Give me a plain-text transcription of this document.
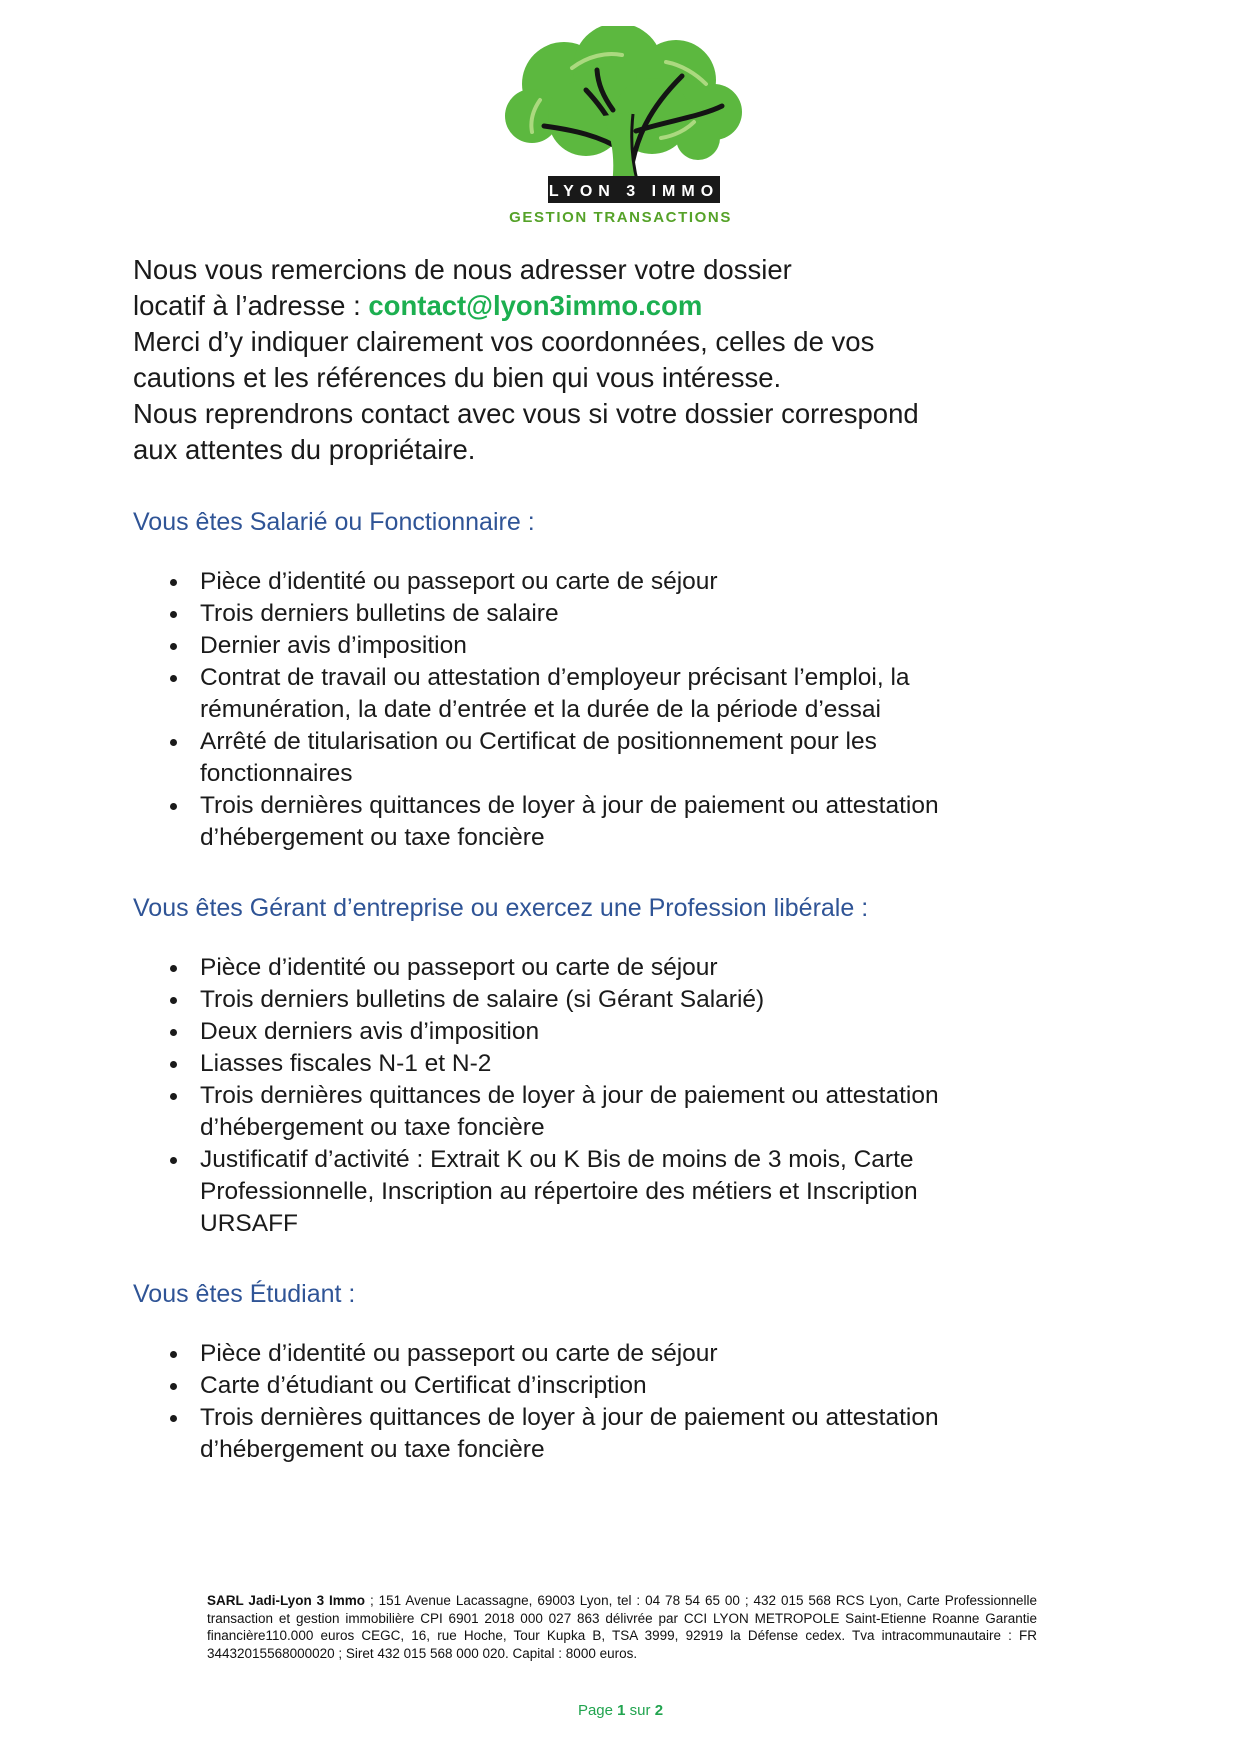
LYON 3 IMMO
GESTION TRANSACTIONS

Nous vous remercions de nous adresser votre dossier

locatif à l’adresse : contact@lyon3immo.com

Merci d’y indiquer clairement vos coordonnées, celles de vos cautions et les références du bien qui vous intéresse.

Nous reprendrons contact avec vous si votre dossier correspond aux attentes du propriétaire.

Vous êtes Salarié ou Fonctionnaire :
Pièce d’identité ou passeport ou carte de séjour
Trois derniers bulletins de salaire
Dernier avis d’imposition
Contrat de travail ou attestation d’employeur précisant l’emploi, la rémunération, la date d’entrée et la durée de la période d’essai
Arrêté de titularisation ou Certificat de positionnement pour les fonctionnaires
Trois dernières quittances de loyer à jour de paiement ou attestation d’hébergement ou taxe foncière
Vous êtes Gérant d’entreprise ou exercez une Profession libérale :
Pièce d’identité ou passeport ou carte de séjour
Trois derniers bulletins de salaire (si Gérant Salarié)
Deux derniers avis d’imposition
Liasses fiscales N-1 et N-2
Trois dernières quittances de loyer à jour de paiement ou attestation d’hébergement ou taxe foncière
Justificatif d’activité : Extrait K ou K Bis de moins de 3 mois, Carte Professionnelle, Inscription au répertoire des métiers et Inscription URSAFF
Vous êtes Étudiant :
Pièce d’identité ou passeport ou carte de séjour
Carte d’étudiant ou Certificat d’inscription
Trois dernières quittances de loyer à jour de paiement ou attestation d’hébergement ou taxe foncière
SARL Jadi-Lyon 3 Immo ; 151 Avenue Lacassagne, 69003 Lyon, tel : 04 78 54 65 00 ; 432 015 568 RCS Lyon, Carte Professionnelle transaction et gestion immobilière CPI 6901 2018 000 027 863 délivrée par CCI LYON METROPOLE Saint-Etienne Roanne Garantie financière110.000 euros CEGC, 16, rue Hoche, Tour Kupka B, TSA 3999, 92919 la Défense cedex. Tva intracommunautaire : FR 34432015568000020 ; Siret 432 015 568 000 020. Capital : 8000 euros.
Page 1 sur 2
